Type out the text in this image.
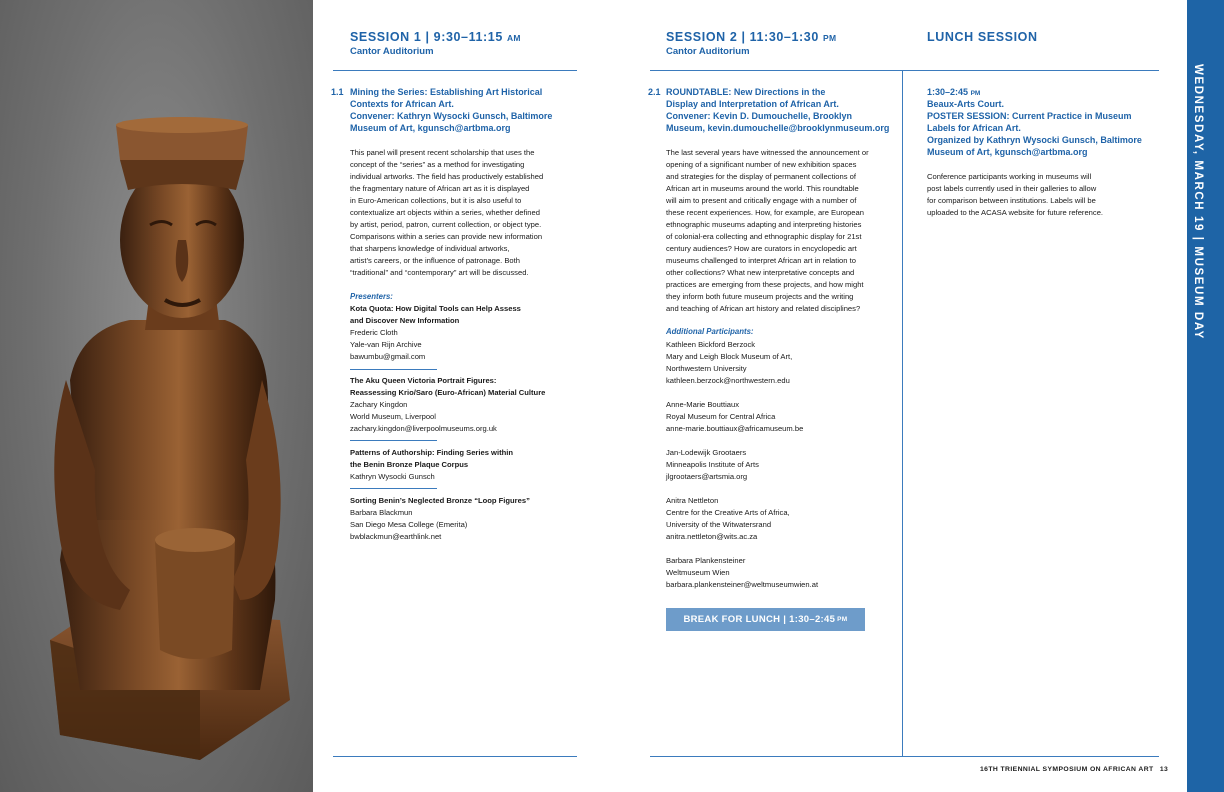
SESSION 1 | 9:30–11:15 AM
Cantor Auditorium
1.1 Mining the Series: Establishing Art Historical
Contexts for African Art.
Convener: Kathryn Wysocki Gunsch, Baltimore
Museum of Art, kgunsch@artbma.org
This panel will present recent scholarship that uses the
concept of the “series” as a method for investigating
individual artworks. The field has productively established
the fragmentary nature of African art as it is displayed
in Euro-American collections, but it is also useful to
contextualize art objects within a series, whether defined
by artist, period, patron, current collection, or object type.
Comparisons within a series can provide new information
that sharpens knowledge of individual artworks,
artist’s careers, or the influence of patronage. Both
“traditional” and “contemporary” art will be discussed.
Presenters:
Kota Quota: How Digital Tools can Help Assess
and Discover New Information
Frederic Cloth
Yale-van Rijn Archive
bawumbu@gmail.com
The Aku Queen Victoria Portrait Figures:
Reassessing Krio/Saro (Euro-African) Material Culture
Zachary Kingdon
World Museum, Liverpool
zachary.kingdon@liverpoolmuseums.org.uk
Patterns of Authorship: Finding Series within
the Benin Bronze Plaque Corpus
Kathryn Wysocki Gunsch
Sorting Benin’s Neglected Bronze “Loop Figures”
Barbara Blackmun
San Diego Mesa College (Emerita)
bwblackmun@earthlink.net
SESSION 2 | 11:30–1:30 PM
Cantor Auditorium
2.1 ROUNDTABLE: New Directions in the
Display and Interpretation of African Art.
Convener: Kevin D. Dumouchelle, Brooklyn
Museum, kevin.dumouchelle@brooklynmuseum.org
The last several years have witnessed the announcement or
opening of a significant number of new exhibition spaces
and strategies for the display of permanent collections of
African art in museums around the world. This roundtable
will aim to present and critically engage with a number of
these recent experiences. How, for example, are European
ethnographic museums adapting and interpreting histories
of colonial-era collecting and ethnographic display for 21st
century audiences? How are curators in encyclopedic art
museums challenged to interpret African art in relation to
other collections? What new interpretative concepts and
practices are emerging from these projects, and how might
they inform both future museum projects and the writing
and teaching of African art history and related disciplines?
Additional Participants:
Kathleen Bickford Berzock
Mary and Leigh Block Museum of Art,
Northwestern University
kathleen.berzock@northwestern.edu
Anne-Marie Bouttiaux
Royal Museum for Central Africa
anne-marie.bouttiaux@africamuseum.be
Jan-Lodewijk Grootaers
Minneapolis Institute of Arts
jlgrootaers@artsmia.org
Anitra Nettleton
Centre for the Creative Arts of Africa,
University of the Witwatersrand
anitra.nettleton@wits.ac.za
Barbara Plankensteiner
Weltmuseum Wien
barbara.plankensteiner@weltmuseumwien.at
BREAK FOR LUNCH | 1:30–2:45 PM
LUNCH SESSION
1:30–2:45 PM
Beaux-Arts Court.
POSTER SESSION: Current Practice in Museum
Labels for African Art.
Organized by Kathryn Wysocki Gunsch, Baltimore
Museum of Art, kgunsch@artbma.org
Conference participants working in museums will
post labels currently used in their galleries to allow
for comparison between institutions. Labels will be
uploaded to the ACASA website for future reference.	WEDNESDAY, MARCH 19 | MUSEUM DAY
16TH TRIENNIAL SYMPOSIUM ON AFRICAN ART 13
